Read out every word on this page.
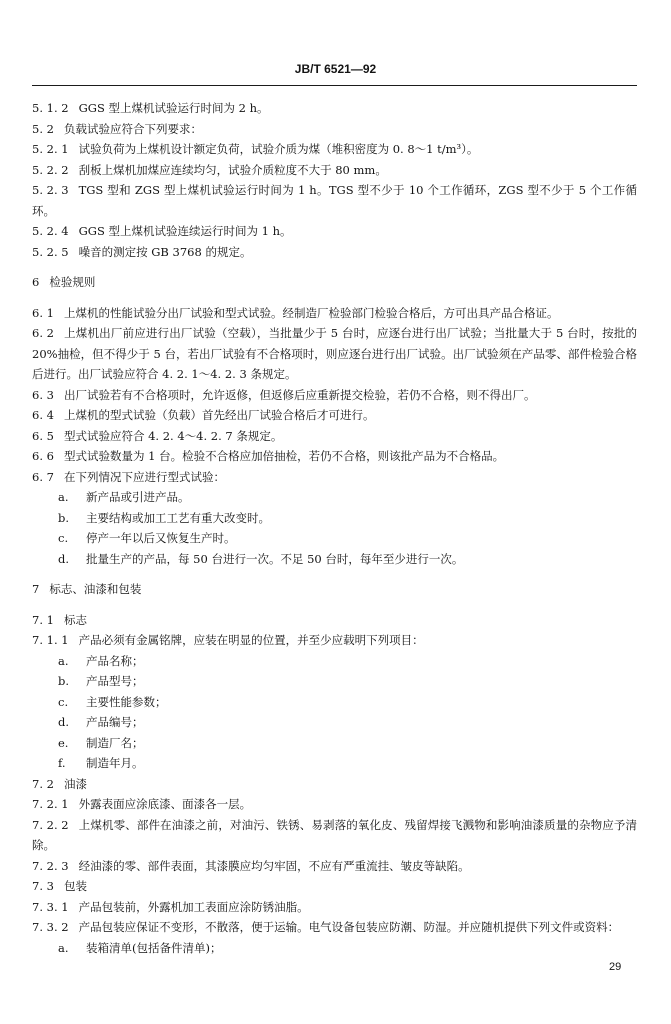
JB/T 6521—92

5. 1. 2 GGS 型上煤机试验运行时间为 2 h。

5. 2 负载试验应符合下列要求：

5. 2. 1 试验负荷为上煤机设计额定负荷，试验介质为煤（堆积密度为 0. 8～1 t/m³）。

5. 2. 2 刮板上煤机加煤应连续均匀，试验介质粒度不大于 80 mm。

5. 2. 3 TGS 型和 ZGS 型上煤机试验运行时间为 1 h。TGS 型不少于 10 个工作循环，ZGS 型不少于 5 个工作循环。

5. 2. 4 GGS 型上煤机试验连续运行时间为 1 h。

5. 2. 5 噪音的测定按 GB 3768 的规定。

6 检验规则

6. 1 上煤机的性能试验分出厂试验和型式试验。经制造厂检验部门检验合格后，方可出具产品合格证。

6. 2 上煤机出厂前应进行出厂试验（空载），当批量少于 5 台时，应逐台进行出厂试验；当批量大于 5 台时，按批的 20%抽检，但不得少于 5 台，若出厂试验有不合格项时，则应逐台进行出厂试验。出厂试验须在产品零、部件检验合格后进行。出厂试验应符合 4. 2. 1～4. 2. 3 条规定。

6. 3 出厂试验若有不合格项时，允许返修，但返修后应重新提交检验，若仍不合格，则不得出厂。

6. 4 上煤机的型式试验（负载）首先经出厂试验合格后才可进行。

6. 5 型式试验应符合 4. 2. 4～4. 2. 7 条规定。

6. 6 型式试验数量为 1 台。检验不合格应加倍抽检，若仍不合格，则该批产品为不合格品。

6. 7 在下列情况下应进行型式试验：

a. 新产品或引进产品。

b. 主要结构或加工工艺有重大改变时。

c. 停产一年以后又恢复生产时。

d. 批量生产的产品，每 50 台进行一次。不足 50 台时，每年至少进行一次。

7 标志、油漆和包装

7. 1 标志

7. 1. 1 产品必须有金属铭牌，应装在明显的位置，并至少应载明下列项目：

a. 产品名称；

b. 产品型号；

c. 主要性能参数；

d. 产品编号；

e. 制造厂名；

f. 制造年月。

7. 2 油漆

7. 2. 1 外露表面应涂底漆、面漆各一层。

7. 2. 2 上煤机零、部件在油漆之前，对油污、铁锈、易剥落的氧化皮、残留焊接飞溅物和影响油漆质量的杂物应予清除。

7. 2. 3 经油漆的零、部件表面，其漆膜应均匀牢固，不应有严重流挂、皱皮等缺陷。

7. 3 包装

7. 3. 1 产品包装前，外露机加工表面应涂防锈油脂。

7. 3. 2 产品包装应保证不变形，不散落，便于运输。电气设备包装应防潮、防湿。并应随机提供下列文件或资料：

a. 装箱清单(包括备件清单)；

29
